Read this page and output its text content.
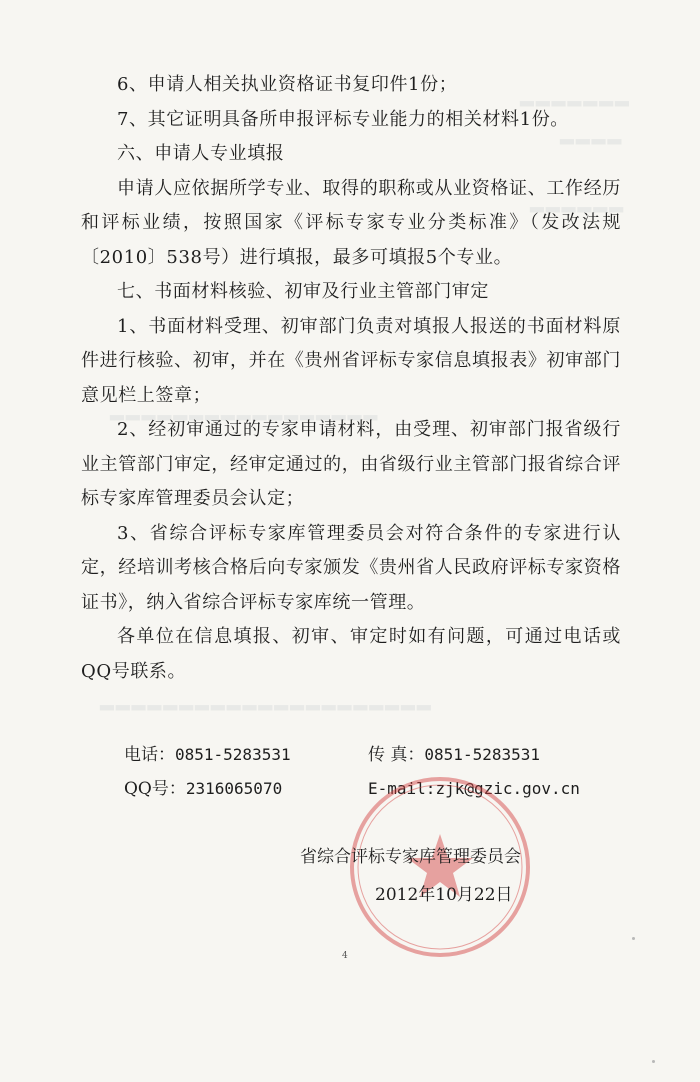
▂▂▂▂▂▂▂
▂▂▂▂
▂▂▂▂▂▂
▂▂▂▂▂▂▂▂▂▂▂▂▂▂▂▂▂
▂▂▂▂▂▂▂▂▂▂▂▂▂▂▂▂▂▂▂▂▂

6、申请人相关执业资格证书复印件1份；

7、其它证明具备所申报评标专业能力的相关材料1份。

六、申请人专业填报

申请人应依据所学专业、取得的职称或从业资格证、工作经历和评标业绩，按照国家《评标专家专业分类标准》（发改法规〔2010〕538号）进行填报，最多可填报5个专业。

七、书面材料核验、初审及行业主管部门审定

1、书面材料受理、初审部门负责对填报人报送的书面材料原件进行核验、初审，并在《贵州省评标专家信息填报表》初审部门意见栏上签章；

2、经初审通过的专家申请材料，由受理、初审部门报省级行业主管部门审定，经审定通过的，由省级行业主管部门报省综合评标专家库管理委员会认定；

3、省综合评标专家库管理委员会对符合条件的专家进行认定，经培训考核合格后向专家颁发《贵州省人民政府评标专家资格证书》，纳入省综合评标专家库统一管理。

各单位在信息填报、初审、审定时如有问题，可通过电话或QQ号联系。

电话：0851-5283531	传 真：0851-5283531
QQ号：2316065070	E-mail:zjk@gzic.gov.cn
省综合评标专家库管理委员会
2012年10月22日
4
